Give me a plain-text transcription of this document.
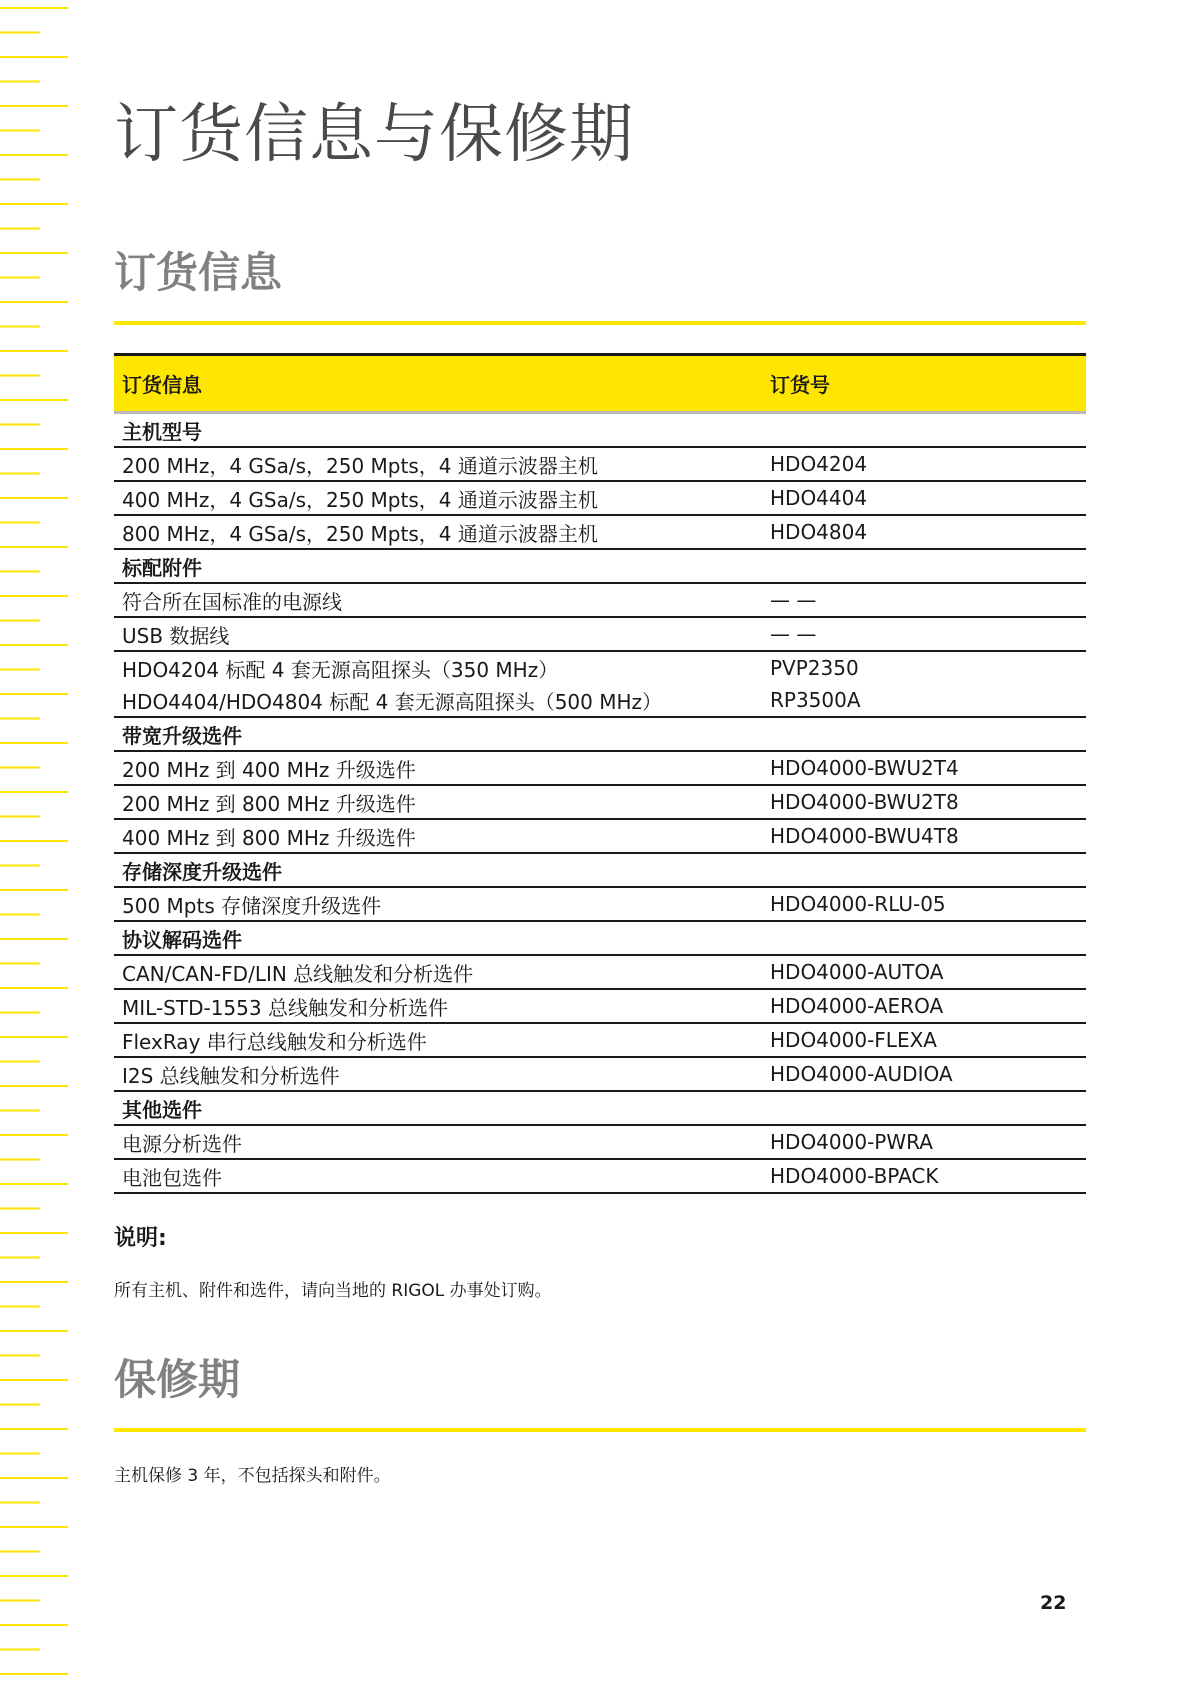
订货信息与保修期
订货信息
订货信息	订货号
主机型号	
200 MHz，4 GSa/s，250 Mpts，4 通道示波器主机	HDO4204
400 MHz，4 GSa/s，250 Mpts，4 通道示波器主机	HDO4404
800 MHz，4 GSa/s，250 Mpts，4 通道示波器主机	HDO4804
标配附件	
符合所在国标准的电源线	— —
USB 数据线	— —
HDO4204 标配 4 套无源高阻探头（350 MHz）	PVP2350
HDO4404/HDO4804 标配 4 套无源高阻探头（500 MHz）	RP3500A
带宽升级选件	
200 MHz 到 400 MHz 升级选件	HDO4000-BWU2T4
200 MHz 到 800 MHz 升级选件	HDO4000-BWU2T8
400 MHz 到 800 MHz 升级选件	HDO4000-BWU4T8
存储深度升级选件	
500 Mpts 存储深度升级选件	HDO4000-RLU-05
协议解码选件	
CAN/CAN-FD/LIN 总线触发和分析选件	HDO4000-AUTOA
MIL-STD-1553 总线触发和分析选件	HDO4000-AEROA
FlexRay 串行总线触发和分析选件	HDO4000-FLEXA
I2S 总线触发和分析选件	HDO4000-AUDIOA
其他选件	
电源分析选件	HDO4000-PWRA
电池包选件	HDO4000-BPACK

说明:

所有主机、附件和选件，请向当地的 RIGOL 办事处订购。

保修期

主机保修 3 年，不包括探头和附件。

22
